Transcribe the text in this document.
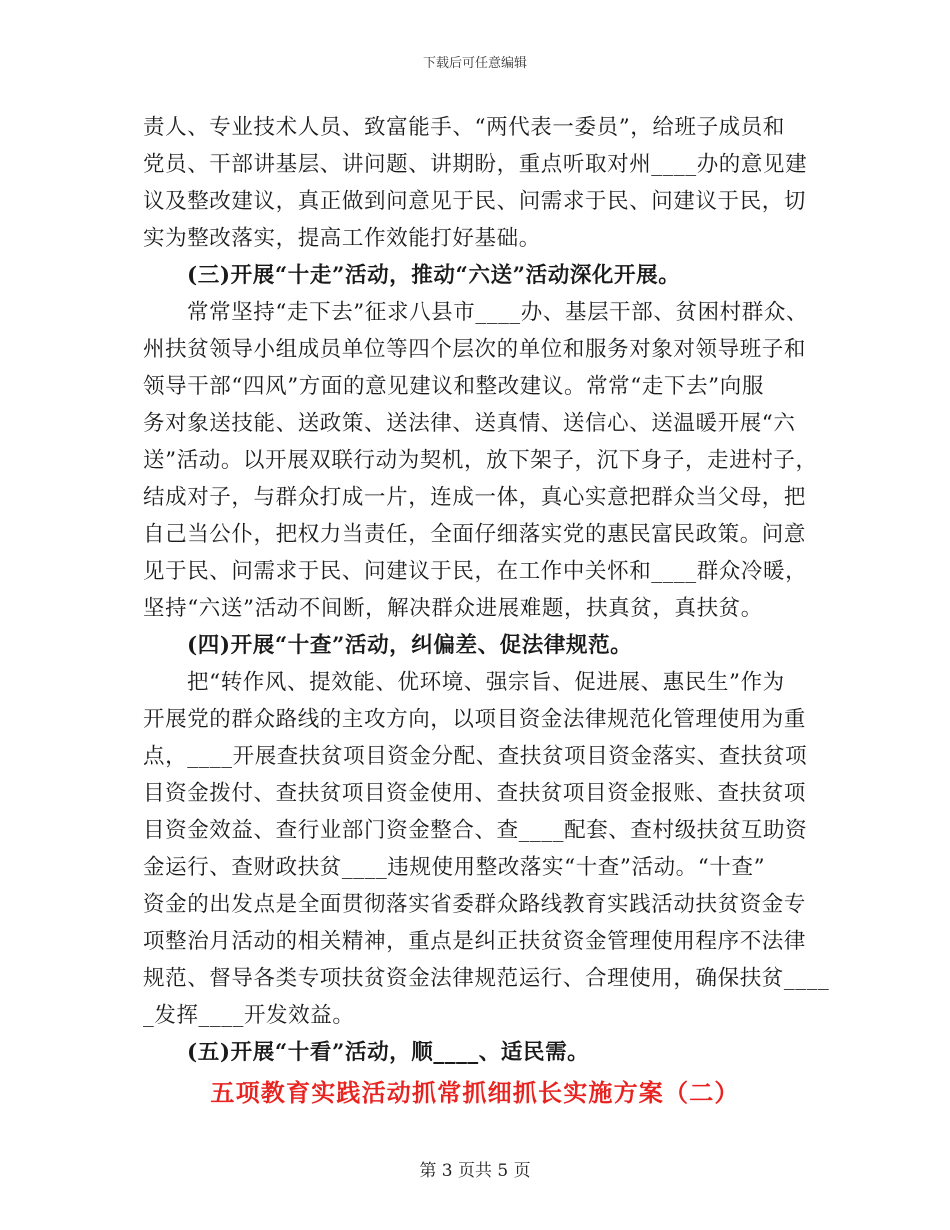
下载后可任意编辑
责人、专业技术人员、致富能手、“两代表一委员”，给班子成员和
党员、干部讲基层、讲问题、讲期盼，重点听取对州____办的意见建
议及整改建议，真正做到问意见于民、问需求于民、问建议于民，切
实为整改落实，提高工作效能打好基础。
(三)开展“十走”活动，推动“六送”活动深化开展。
常常坚持“走下去”征求八县市____办、基层干部、贫困村群众、
州扶贫领导小组成员单位等四个层次的单位和服务对象对领导班子和
领导干部“四风”方面的意见建议和整改建议。常常“走下去”向服
务对象送技能、送政策、送法律、送真情、送信心、送温暖开展“六
送”活动。以开展双联行动为契机，放下架子，沉下身子，走进村子，
结成对子，与群众打成一片，连成一体，真心实意把群众当父母，把
自己当公仆，把权力当责任，全面仔细落实党的惠民富民政策。问意
见于民、问需求于民、问建议于民，在工作中关怀和____群众冷暖，
坚持“六送”活动不间断，解决群众进展难题，扶真贫，真扶贫。
(四)开展“十查”活动，纠偏差、促法律规范。
把“转作风、提效能、优环境、强宗旨、促进展、惠民生”作为
开展党的群众路线的主攻方向，以项目资金法律规范化管理使用为重
点，____开展查扶贫项目资金分配、查扶贫项目资金落实、查扶贫项
目资金拨付、查扶贫项目资金使用、查扶贫项目资金报账、查扶贫项
目资金效益、查行业部门资金整合、查____配套、查村级扶贫互助资
金运行、查财政扶贫____违规使用整改落实“十查”活动。“十查”
资金的出发点是全面贯彻落实省委群众路线教育实践活动扶贫资金专
项整治月活动的相关精神，重点是纠正扶贫资金管理使用程序不法律
规范、督导各类专项扶贫资金法律规范运行、合理使用，确保扶贫____
_发挥____开发效益。
(五)开展“十看”活动，顺____、适民需。
五项教育实践活动抓常抓细抓长实施方案（二）
第 3 页共 5 页
